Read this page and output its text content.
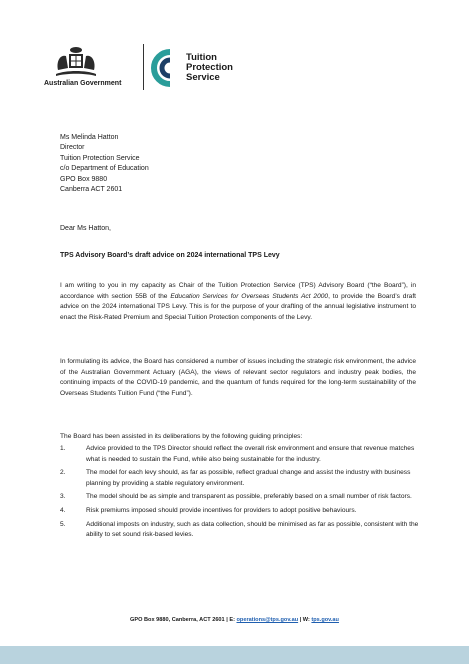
Australian Government
Tuition
Protection
Service
Ms Melinda Hatton
Director
Tuition Protection Service
c/o Department of Education
GPO Box 9880
Canberra ACT 2601
Dear Ms Hatton,
TPS Advisory Board’s draft advice on 2024 international TPS Levy
I am writing to you in my capacity as Chair of the Tuition Protection Service (TPS) Advisory Board (“the Board”), in accordance with section 55B of the Education Services for Overseas Students Act 2000, to provide the Board’s draft advice on the 2024 international TPS Levy. This is for the purpose of your drafting of the annual legislative instrument to enact the Risk-Rated Premium and Special Tuition Protection components of the Levy.
In formulating its advice, the Board has considered a number of issues including the strategic risk environment, the advice of the Australian Government Actuary (AGA), the views of relevant sector regulators and industry peak bodies, the continuing impacts of the COVID-19 pandemic, and the quantum of funds required for the long-term sustainability of the Overseas Students Tuition Fund (“the Fund”).
The Board has been assisted in its deliberations by the following guiding principles:
1.	Advice provided to the TPS Director should reflect the overall risk environment and ensure that revenue matches what is needed to sustain the Fund, while also being sustainable for the industry.
2.	The model for each levy should, as far as possible, reflect gradual change and assist the industry with business planning by providing a stable regulatory environment.
3.	The model should be as simple and transparent as possible, preferably based on a small number of risk factors.
4.	Risk premiums imposed should provide incentives for providers to adopt positive behaviours.
5.	Additional imposts on industry, such as data collection, should be minimised as far as possible, consistent with the ability to set sound risk-based levies.
GPO Box 9880, Canberra, ACT 2601 | E: operations@tps.gov.au | W: tps.gov.au
